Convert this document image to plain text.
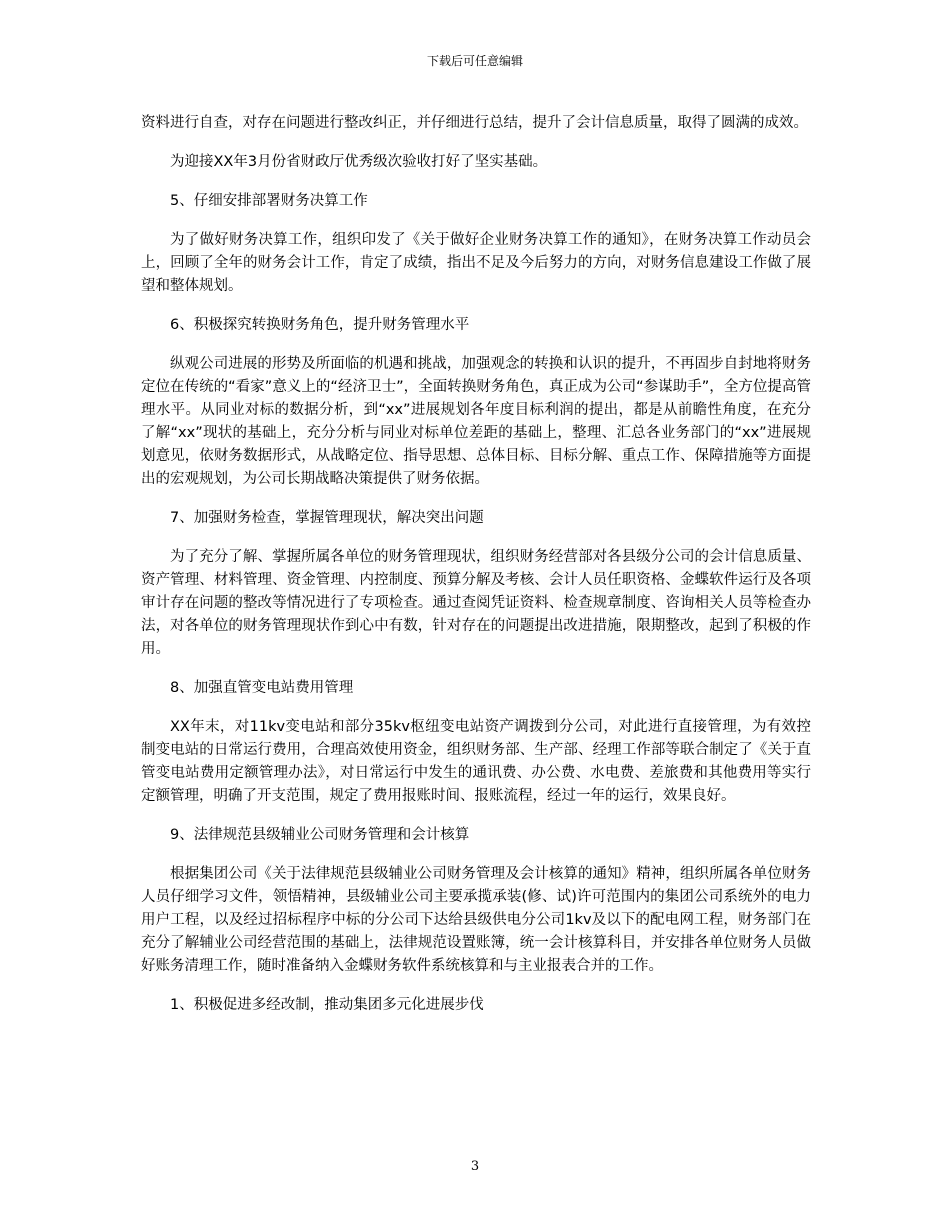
下载后可任意编辑

资料进行自查，对存在问题进行整改纠正，并仔细进行总结，提升了会计信息质量，取得了圆满的成效。

为迎接XX年3月份省财政厅优秀级次验收打好了坚实基础。

5、仔细安排部署财务决算工作

为了做好财务决算工作，组织印发了《关于做好企业财务决算工作的通知》，在财务决算工作动员会上，回顾了全年的财务会计工作，肯定了成绩，指出不足及今后努力的方向，对财务信息建设工作做了展望和整体规划。

6、积极探究转换财务角色，提升财务管理水平

纵观公司进展的形势及所面临的机遇和挑战，加强观念的转换和认识的提升，不再固步自封地将财务定位在传统的“看家”意义上的“经济卫士”，全面转换财务角色，真正成为公司“参谋助手”，全方位提高管理水平。从同业对标的数据分析，到“xx”进展规划各年度目标利润的提出，都是从前瞻性角度，在充分了解“xx”现状的基础上，充分分析与同业对标单位差距的基础上，整理、汇总各业务部门的“xx”进展规划意见，依财务数据形式，从战略定位、指导思想、总体目标、目标分解、重点工作、保障措施等方面提出的宏观规划，为公司长期战略决策提供了财务依据。

7、加强财务检查，掌握管理现状，解决突出问题

为了充分了解、掌握所属各单位的财务管理现状，组织财务经营部对各县级分公司的会计信息质量、资产管理、材料管理、资金管理、内控制度、预算分解及考核、会计人员任职资格、金蝶软件运行及各项审计存在问题的整改等情况进行了专项检查。通过查阅凭证资料、检查规章制度、咨询相关人员等检查办法，对各单位的财务管理现状作到心中有数，针对存在的问题提出改进措施，限期整改，起到了积极的作用。

8、加强直管变电站费用管理

XX年末，对11kv变电站和部分35kv枢纽变电站资产调拨到分公司，对此进行直接管理，为有效控制变电站的日常运行费用，合理高效使用资金，组织财务部、生产部、经理工作部等联合制定了《关于直管变电站费用定额管理办法》，对日常运行中发生的通讯费、办公费、水电费、差旅费和其他费用等实行定额管理，明确了开支范围，规定了费用报账时间、报账流程，经过一年的运行，效果良好。

9、法律规范县级辅业公司财务管理和会计核算

根据集团公司《关于法律规范县级辅业公司财务管理及会计核算的通知》精神，组织所属各单位财务人员仔细学习文件，领悟精神，县级辅业公司主要承揽承装(修、试)许可范围内的集团公司系统外的电力用户工程，以及经过招标程序中标的分公司下达给县级供电分公司1kv及以下的配电网工程，财务部门在充分了解辅业公司经营范围的基础上，法律规范设置账簿，统一会计核算科目，并安排各单位财务人员做好账务清理工作，随时准备纳入金蝶财务软件系统核算和与主业报表合并的工作。

1、积极促进多经改制，推动集团多元化进展步伐

3
